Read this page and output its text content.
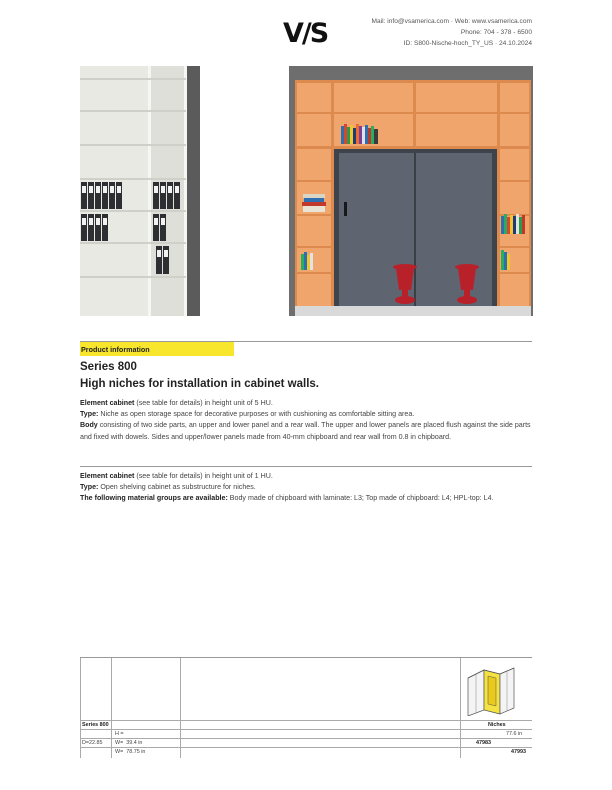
V/S	Mail: info@vsamerica.com · Web: www.vsamerica.com
Phone: 704 - 378 - 6500
ID: S800-Nische-hoch_TY_US · 24.10.2024
Product information
Series 800
High niches for installation in cabinet walls.
Element cabinet (see table for details) in height unit of 5 HU.
Type: Niche as open storage space for decorative purposes or with cushioning as comfortable sitting area.
Body consisting of two side parts, an upper and lower panel and a rear wall. The upper and lower panels are placed flush against the side parts and fixed with dowels. Sides and upper/lower panels made from 40-mm chipboard and rear wall from 0.8 in chipboard.
Element cabinet (see table for details) in height unit of 1 HU.
Type: Open shelving cabinet as substructure for niches.
The following material groups are available: Body made of chipboard with laminate: L3; Top made of chipboard: L4; HPL-top: L4.
Series 800	Niches
H =	77.6 in
D=22.85 W= 39.4 in	47983
W= 78.75 in	47993
